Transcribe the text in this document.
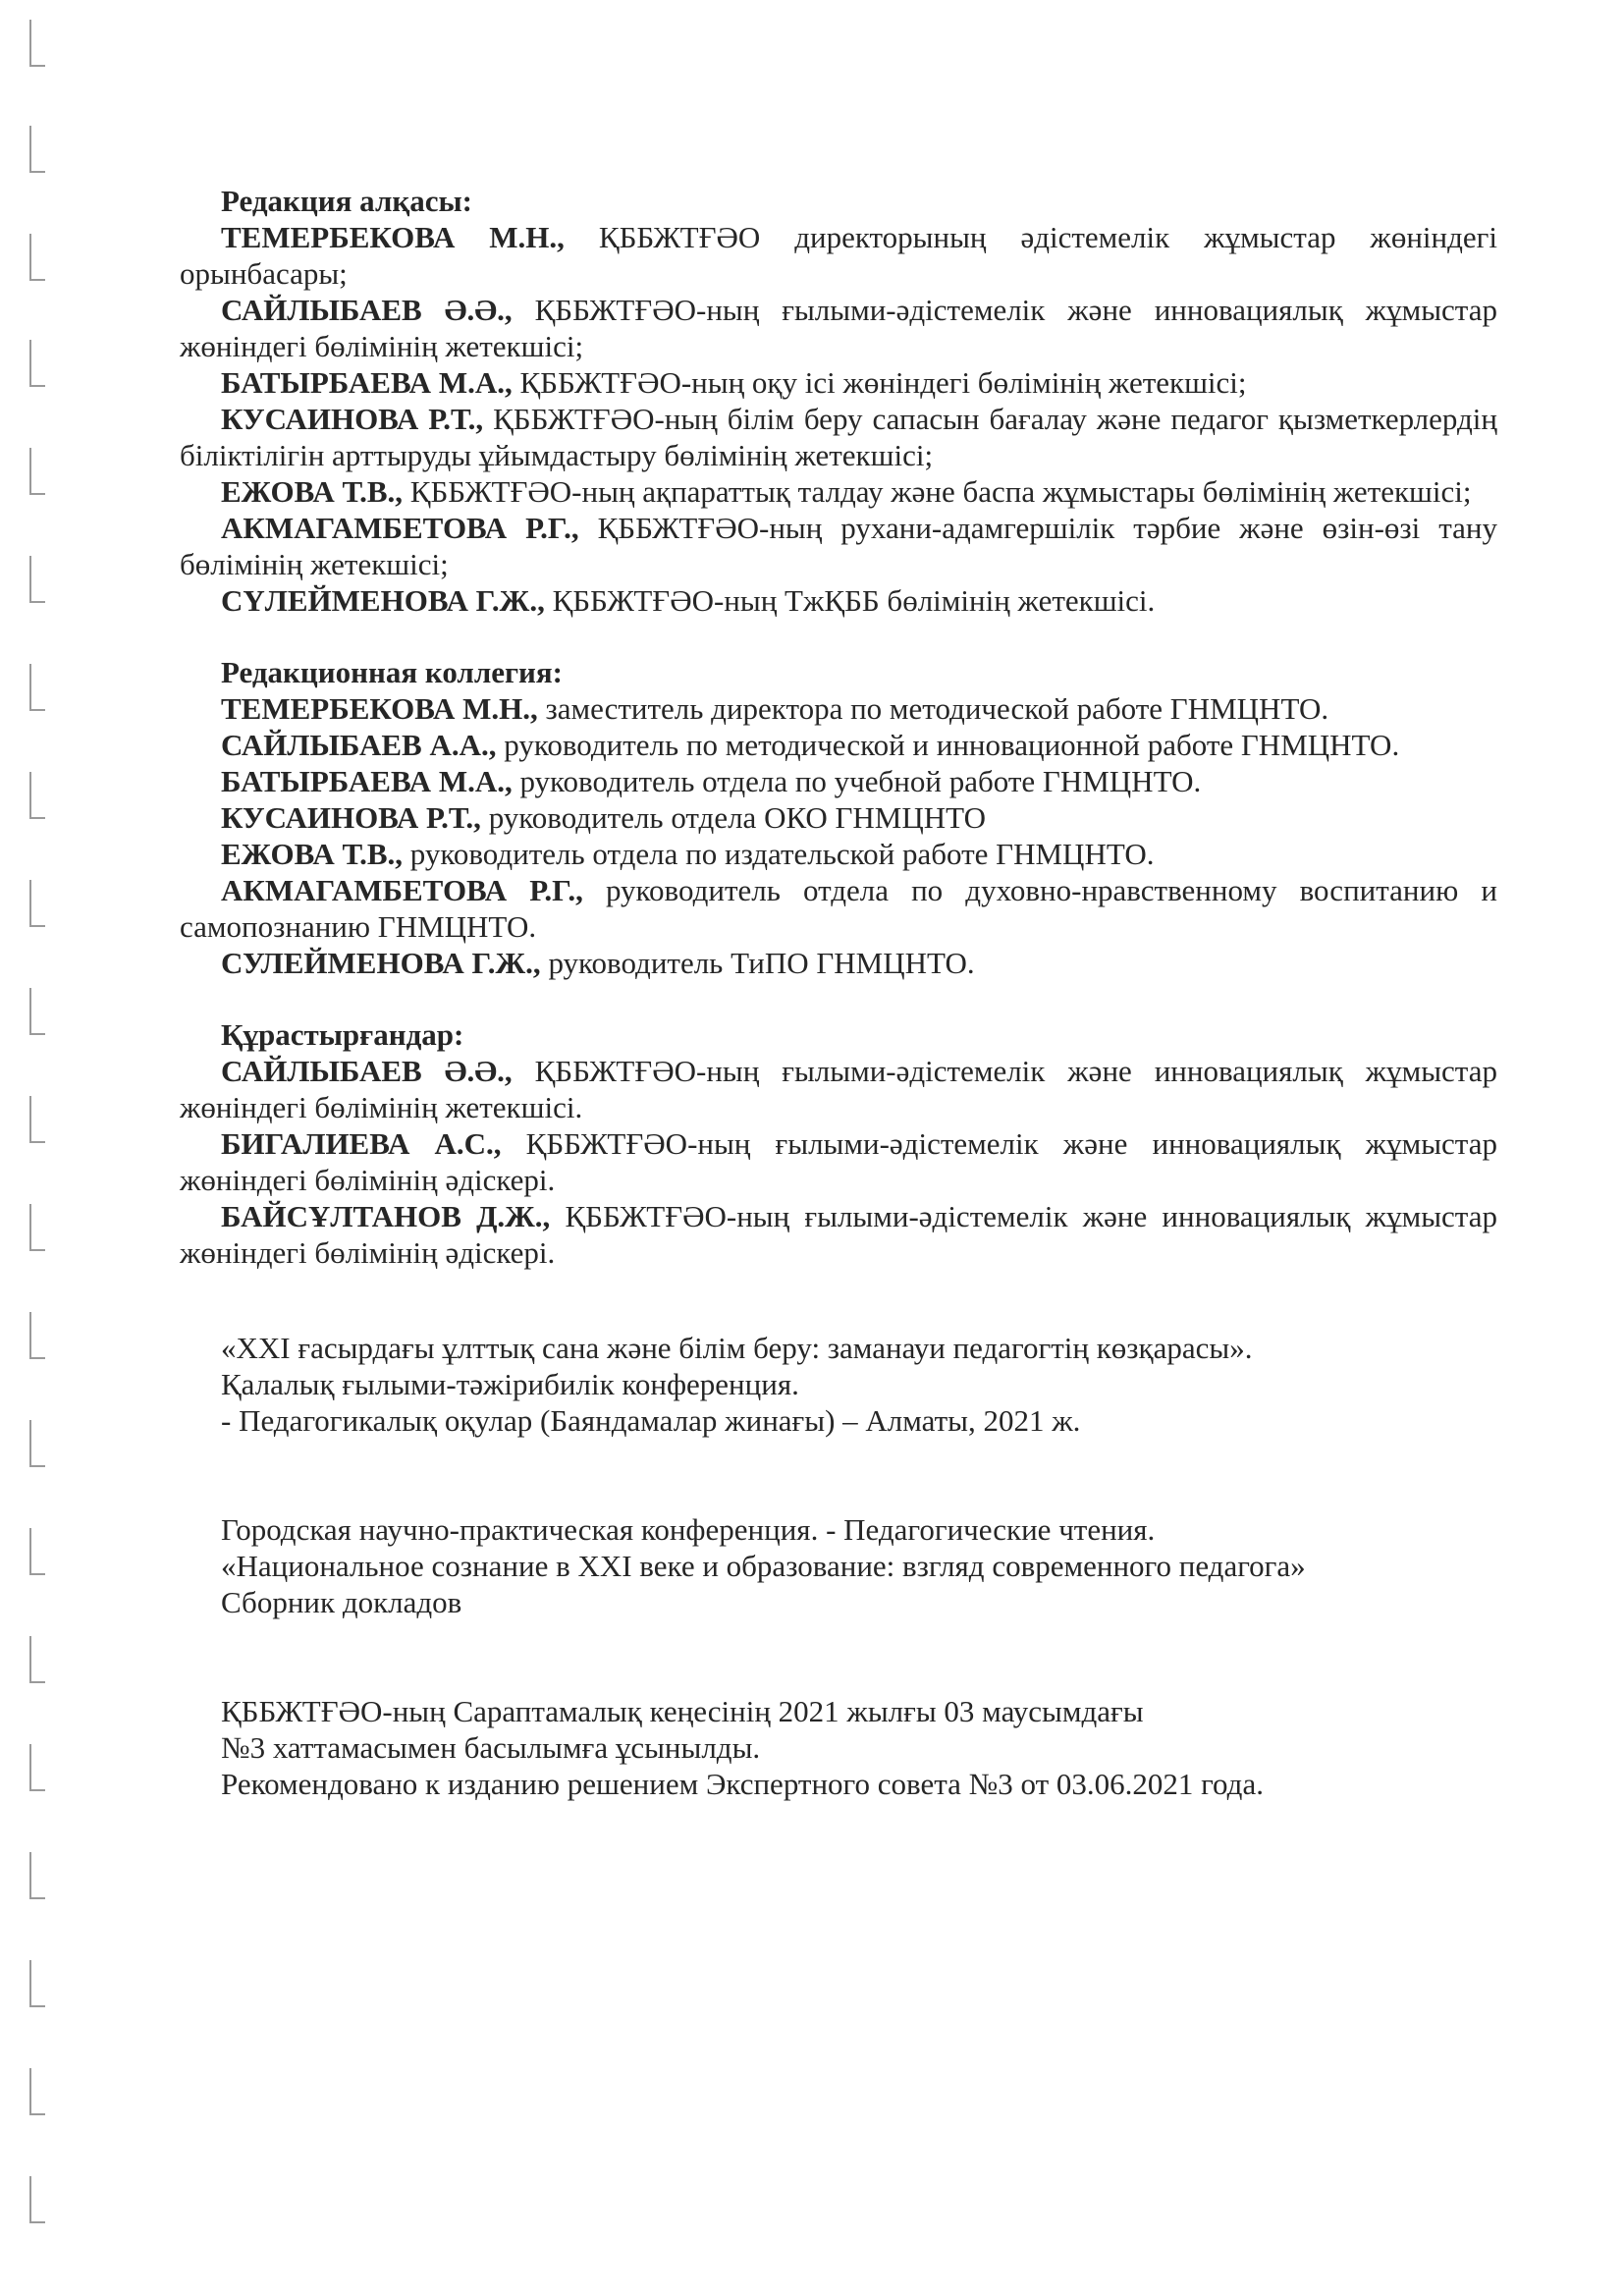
Редакция алқасы:
ТЕМЕРБЕКОВА М.Н., ҚББЖТҒӘО директорының әдістемелік жұмыстар жөніндегі орынбасары;
САЙЛЫБАЕВ Ә.Ә., ҚББЖТҒӘО-ның ғылыми-әдістемелік және инновациялық жұмыстар жөніндегі бөлімінің жетекшісі;
БАТЫРБАЕВА М.А., ҚББЖТҒӘО-ның оқу ісі жөніндегі бөлімінің жетекшісі;
КУСАИНОВА Р.Т., ҚББЖТҒӘО-ның білім беру сапасын бағалау және педагог қызметкерлердің біліктілігін арттыруды ұйымдастыру бөлімінің жетекшісі;
ЕЖОВА Т.В., ҚББЖТҒӘО-ның ақпараттық талдау және баспа жұмыстары бөлімінің жетекшісі;
АКМАГАМБЕТОВА Р.Г., ҚББЖТҒӘО-ның рухани-адамгершілік тәрбие және өзін-өзі тану бөлімінің жетекшісі;
СҮЛЕЙМЕНОВА Г.Ж., ҚББЖТҒӘО-ның ТжҚББ бөлімінің жетекшісі.
Редакционная коллегия:
ТЕМЕРБЕКОВА М.Н., заместитель директора по методической работе ГНМЦНТО.
САЙЛЫБАЕВ А.А., руководитель по методической и инновационной работе ГНМЦНТО.
БАТЫРБАЕВА М.А., руководитель отдела по учебной работе ГНМЦНТО.
КУСАИНОВА Р.Т., руководитель отдела ОКО ГНМЦНТО
ЕЖОВА Т.В., руководитель отдела по издательской работе ГНМЦНТО.
АКМАГАМБЕТОВА Р.Г., руководитель отдела по духовно-нравственному воспитанию и самопознанию ГНМЦНТО.
СУЛЕЙМЕНОВА Г.Ж., руководитель ТиПО ГНМЦНТО.
Құрастырғандар:
САЙЛЫБАЕВ Ә.Ә., ҚББЖТҒӘО-ның ғылыми-әдістемелік және инновациялық жұмыстар жөніндегі бөлімінің жетекшісі.
БИГАЛИЕВА А.С., ҚББЖТҒӘО-ның ғылыми-әдістемелік және инновациялық жұмыстар жөніндегі бөлімінің әдіскері.
БАЙСҰЛТАНОВ Д.Ж., ҚББЖТҒӘО-ның ғылыми-әдістемелік және инновациялық жұмыстар жөніндегі бөлімінің әдіскері.
«XXI ғасырдағы ұлттық сана және білім беру: заманауи педагогтің көзқарасы».
Қалалық ғылыми-тәжірибилік конференция.
- Педагогикалық оқулар (Баяндамалар жинағы) – Алматы, 2021 ж.
Городская научно-практическая конференция. - Педагогические чтения.
«Национальное сознание в XXI веке и образование: взгляд современного педагога»
Сборник докладов
ҚББЖТҒӘО-ның Сараптамалық кеңесінің 2021 жылғы 03 маусымдағы
№3 хаттамасымен басылымға ұсынылды.
Рекомендовано к изданию решением Экспертного совета №3 от 03.06.2021 года.
